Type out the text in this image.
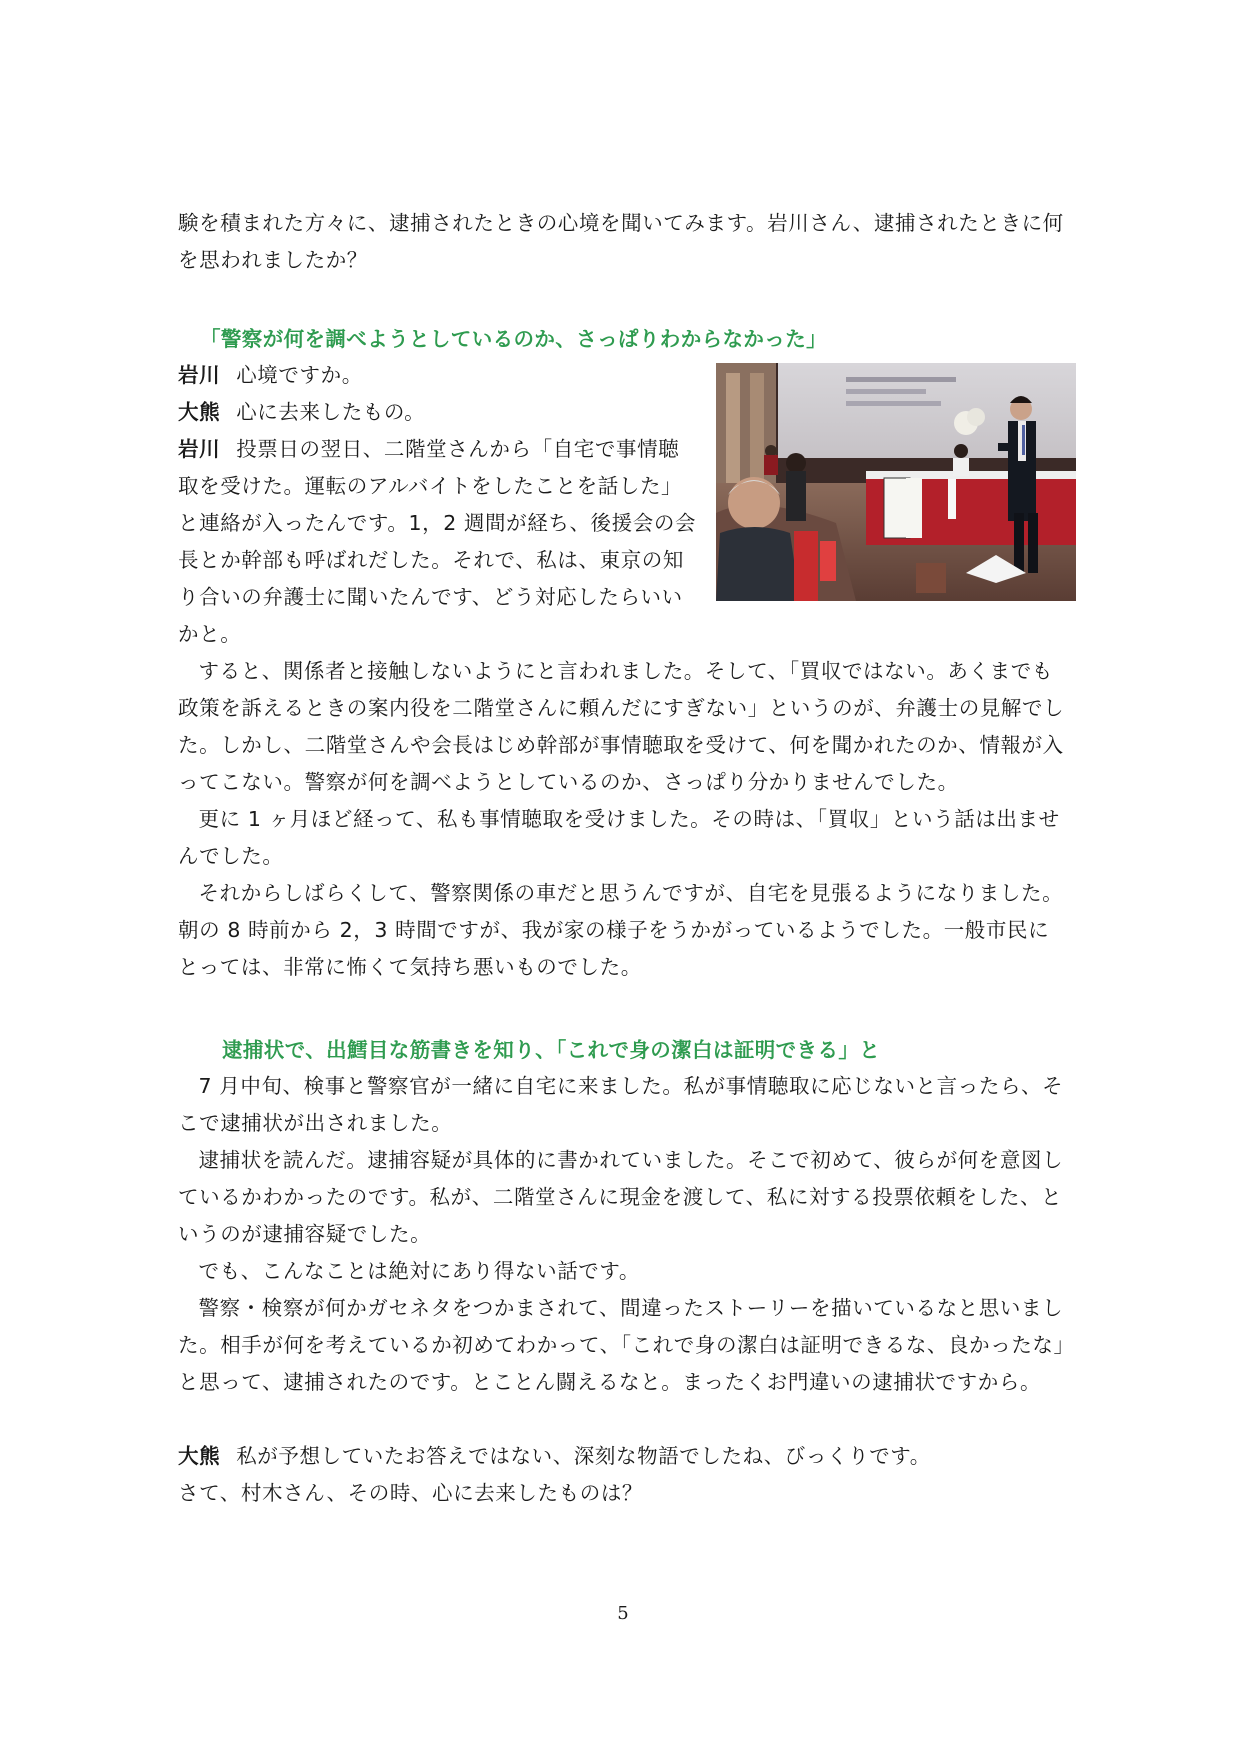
験を積まれた方々に、逮捕されたときの心境を聞いてみます。岩川さん、逮捕されたときに何を思われましたか？

「警察が何を調べようとしているのか、さっぱりわからなかった」

岩川 心境ですか。

大熊 心に去来したもの。

岩川 投票日の翌日、二階堂さんから「自宅で事情聴取を受けた。運転のアルバイトをしたことを話した」と連絡が入ったんです。1，2 週間が経ち、後援会の会長とか幹部も呼ばれだした。それで、私は、東京の知り合いの弁護士に聞いたんです、どう対応したらいいかと。

すると、関係者と接触しないようにと言われました。そして、「買収ではない。あくまでも政策を訴えるときの案内役を二階堂さんに頼んだにすぎない」というのが、弁護士の見解でした。しかし、二階堂さんや会長はじめ幹部が事情聴取を受けて、何を聞かれたのか、情報が入ってこない。警察が何を調べようとしているのか、さっぱり分かりませんでした。

更に 1 ヶ月ほど経って、私も事情聴取を受けました。その時は、「買収」という話は出ませんでした。

それからしばらくして、警察関係の車だと思うんですが、自宅を見張るようになりました。朝の 8 時前から 2，3 時間ですが、我が家の様子をうかがっているようでした。一般市民にとっては、非常に怖くて気持ち悪いものでした。

逮捕状で、出鱈目な筋書きを知り、「これで身の潔白は証明できる」と

7 月中旬、検事と警察官が一緒に自宅に来ました。私が事情聴取に応じないと言ったら、そこで逮捕状が出されました。

逮捕状を読んだ。逮捕容疑が具体的に書かれていました。そこで初めて、彼らが何を意図しているかわかったのです。私が、二階堂さんに現金を渡して、私に対する投票依頼をした、というのが逮捕容疑でした。

でも、こんなことは絶対にあり得ない話です。

警察・検察が何かガセネタをつかまされて、間違ったストーリーを描いているなと思いました。相手が何を考えているか初めてわかって、「これで身の潔白は証明できるな、良かったな」と思って、逮捕されたのです。とことん闘えるなと。まったくお門違いの逮捕状ですから。

大熊 私が予想していたお答えではない、深刻な物語でしたね、びっくりです。

さて、村木さん、その時、心に去来したものは？

5
